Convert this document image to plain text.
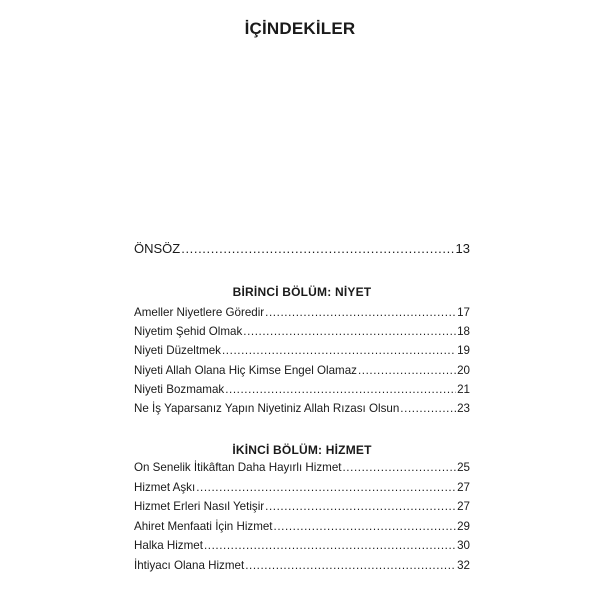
İÇİNDEKİLER
ÖNSÖZ .....	13
BİRİNCİ BÖLÜM: NİYET
Ameller Niyetlere Göredir .....	17
Niyetim Şehid Olmak .....	18
Niyeti Düzeltmek .....	19
Niyeti Allah Olana Hiç Kimse Engel Olamaz .....	20
Niyeti Bozmamak .....	21
Ne İş Yaparsanız Yapın Niyetiniz Allah Rızası Olsun .....	23
İKİNCİ BÖLÜM: HİZMET
On Senelik İtikâftan Daha Hayırlı Hizmet .....	25
Hizmet Aşkı .....	27
Hizmet Erleri Nasıl Yetişir .....	27
Ahiret Menfaati İçin Hizmet .....	29
Halka Hizmet .....	30
İhtiyacı Olana Hizmet .....	32
